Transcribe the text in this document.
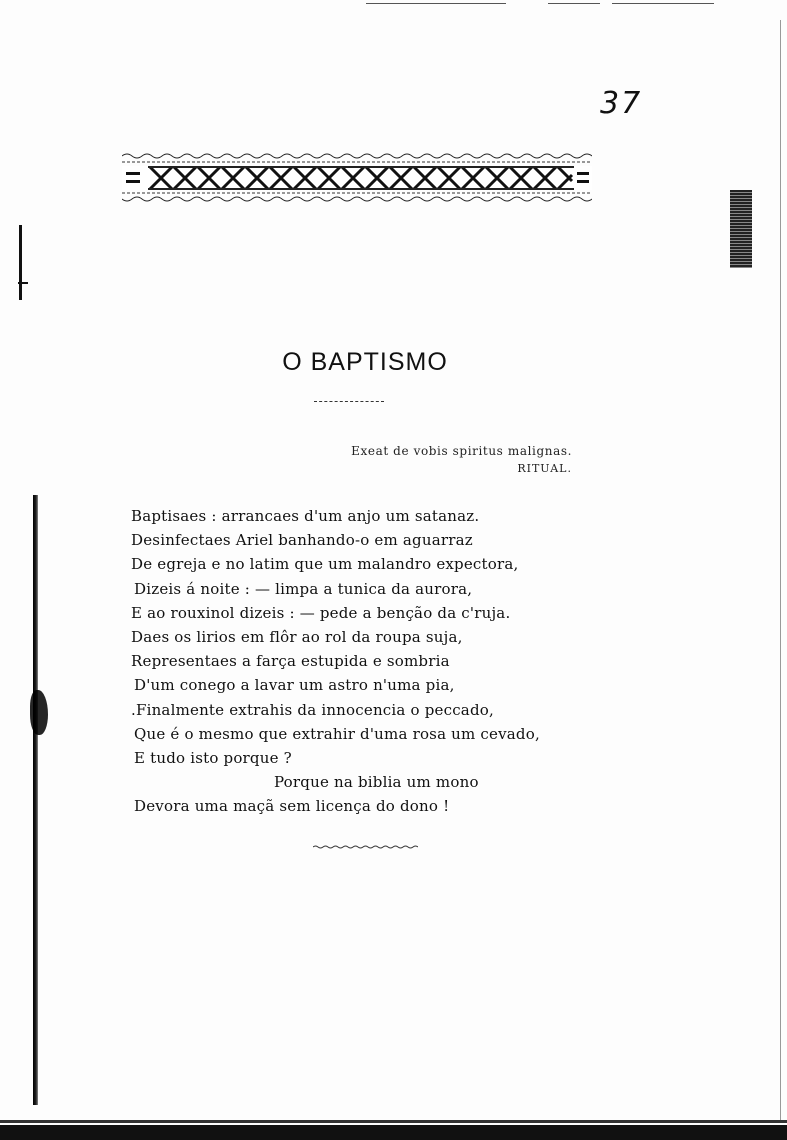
37
O BAPTISMO
Exeat de vobis spiritus malignas.
RITUAL.
Baptisaes : arrancaes d'um anjo um satanaz.
Desinfectaes Ariel banhando-o em aguarraz
De egreja e no latim que um malandro expectora,
Dizeis á noite : — limpa a tunica da aurora,
E ao rouxinol dizeis : — pede a benção da c'ruja.
Daes os lirios em flôr ao rol da roupa suja,
Representaes a farça estupida e sombria
D'um conego a lavar um astro n'uma pia,
.Finalmente extrahis da innocencia o peccado,
Que é o mesmo que extrahir d'uma rosa um cevado,
E tudo isto porque ?
Porque na biblia um mono
Devora uma maçã sem licença do dono !
